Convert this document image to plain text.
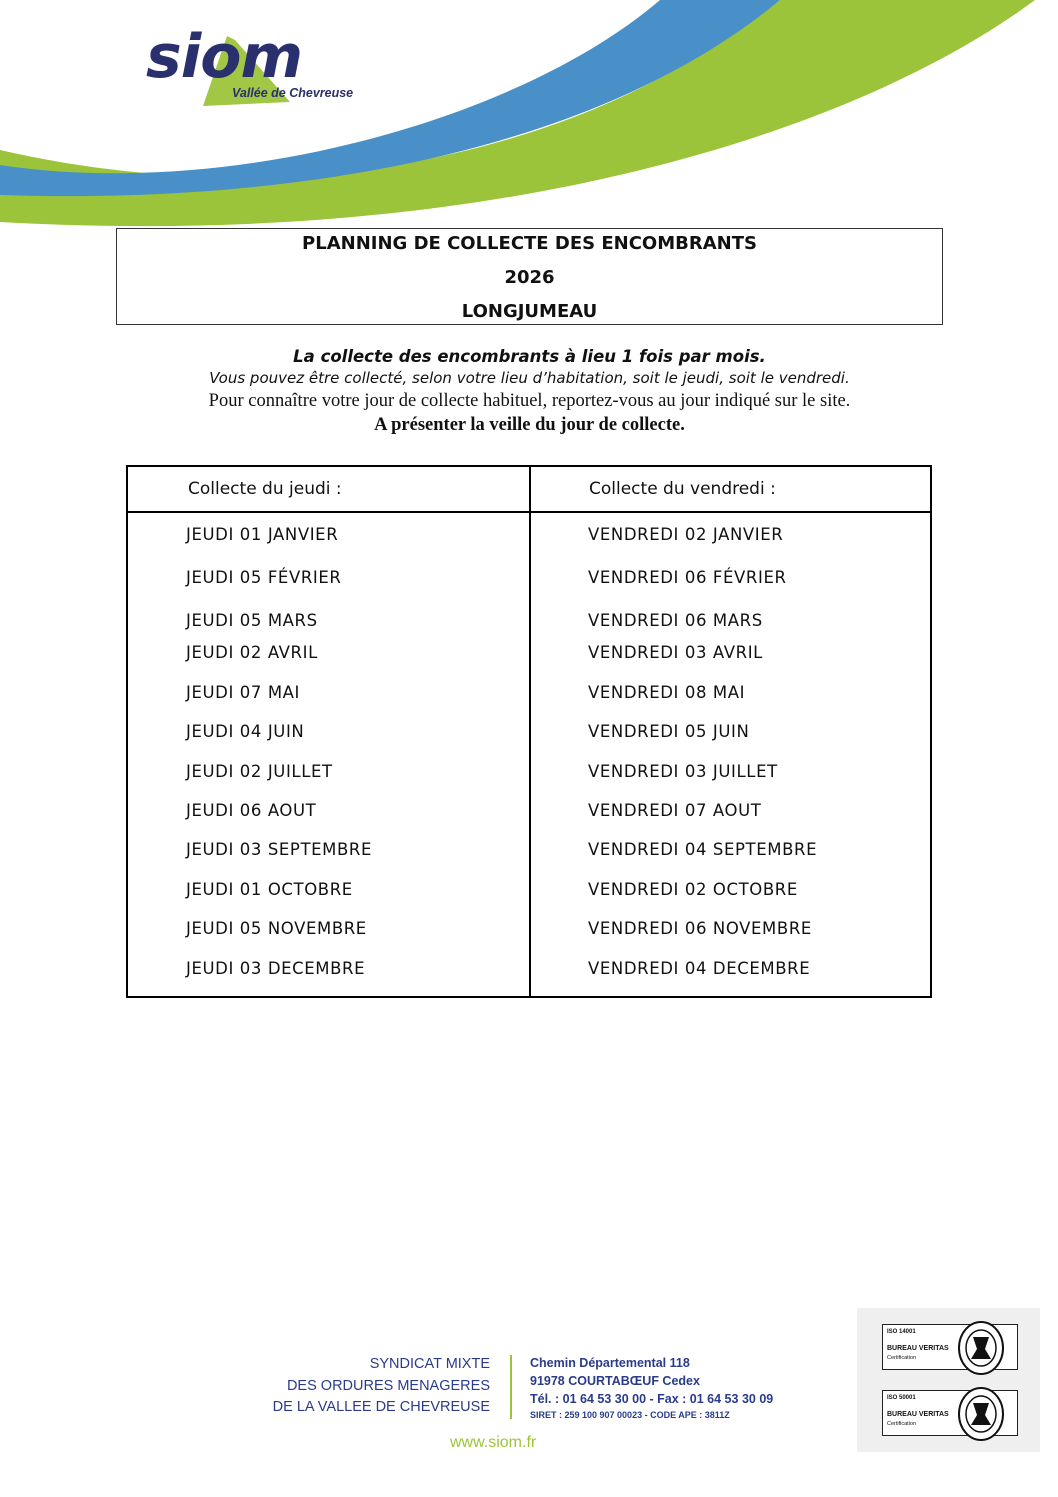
siom
Vallée de Chevreuse
PLANNING DE COLLECTE DES ENCOMBRANTS
2026
LONGJUMEAU
La collecte des encombrants à lieu 1 fois par mois.
Vous pouvez être collecté, selon votre lieu d’habitation, soit le jeudi, soit le vendredi.
Pour connaître votre jour de collecte habituel, reportez-vous au jour indiqué sur le site.
A présenter la veille du jour de collecte.
Collecte du jeudi :	Collecte du vendredi :
JEUDI 01 JANVIER
JEUDI 05 FÉVRIER
JEUDI 05 MARS
JEUDI 02 AVRIL
JEUDI 07 MAI
JEUDI 04 JUIN
JEUDI 02 JUILLET
JEUDI 06 AOUT
JEUDI 03 SEPTEMBRE
JEUDI 01 OCTOBRE
JEUDI 05 NOVEMBRE
JEUDI 03 DECEMBRE
VENDREDI 02 JANVIER
VENDREDI 06 FÉVRIER
VENDREDI 06 MARS
VENDREDI 03 AVRIL
VENDREDI 08 MAI
VENDREDI 05 JUIN
VENDREDI 03 JUILLET
VENDREDI 07 AOUT
VENDREDI 04 SEPTEMBRE
VENDREDI 02 OCTOBRE
VENDREDI 06 NOVEMBRE
VENDREDI 04 DECEMBRE
SYNDICAT MIXTE
DES ORDURES MENAGERES
DE LA VALLEE DE CHEVREUSE
Chemin Départemental 118
91978 COURTABŒUF Cedex
Tél. : 01 64 53 30 00 - Fax : 01 64 53 30 09
SIRET : 259 100 907 00023 - CODE APE : 3811Z
www.siom.fr
ISO 14001
BUREAU VERITAS
Certification
ISO 50001
BUREAU VERITAS
Certification
